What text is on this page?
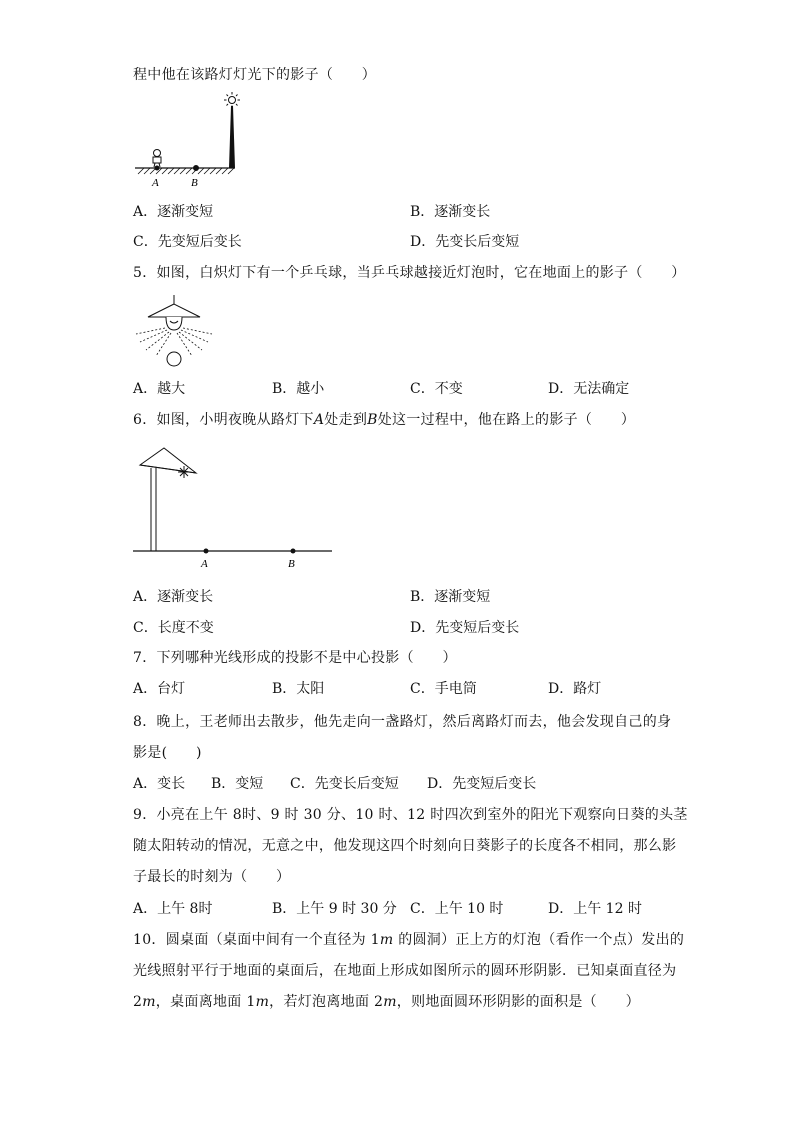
程中他在该路灯灯光下的影子（　　）
A	B
A．逐渐变短	B．逐渐变长
C．先变短后变长	D．先变长后变短
5．如图，白炽灯下有一个乒乓球，当乒乓球越接近灯泡时，它在地面上的影子（　　）
A．越大	B．越小	C．不变	D．无法确定
6．如图，小明夜晚从路灯下A处走到B处这一过程中，他在路上的影子（　　）
A	B
A．逐渐变长	B．逐渐变短
C．长度不变	D．先变短后变长
7．下列哪种光线形成的投影不是中心投影（　　）
A．台灯	B．太阳	C．手电筒	D．路灯
8．晚上，王老师出去散步，他先走向一盏路灯，然后离路灯而去，他会发现自己的身
影是(　　)
A．变长 B．变短 C．先变长后变短 D．先变短后变长
9．小亮在上午 8时、9 时 30 分、10 时、12 时四次到室外的阳光下观察向日葵的头茎
随太阳转动的情况，无意之中，他发现这四个时刻向日葵影子的长度各不相同，那么影
子最长的时刻为（　　）
A．上午 8时	B．上午 9 时 30 分 C．上午 10 时	D．上午 12 时
10．圆桌面（桌面中间有一个直径为 1m 的圆洞）正上方的灯泡（看作一个点）发出的
光线照射平行于地面的桌面后，在地面上形成如图所示的圆环形阴影．已知桌面直径为
2m，桌面离地面 1m，若灯泡离地面 2m，则地面圆环形阴影的面积是（　　）
